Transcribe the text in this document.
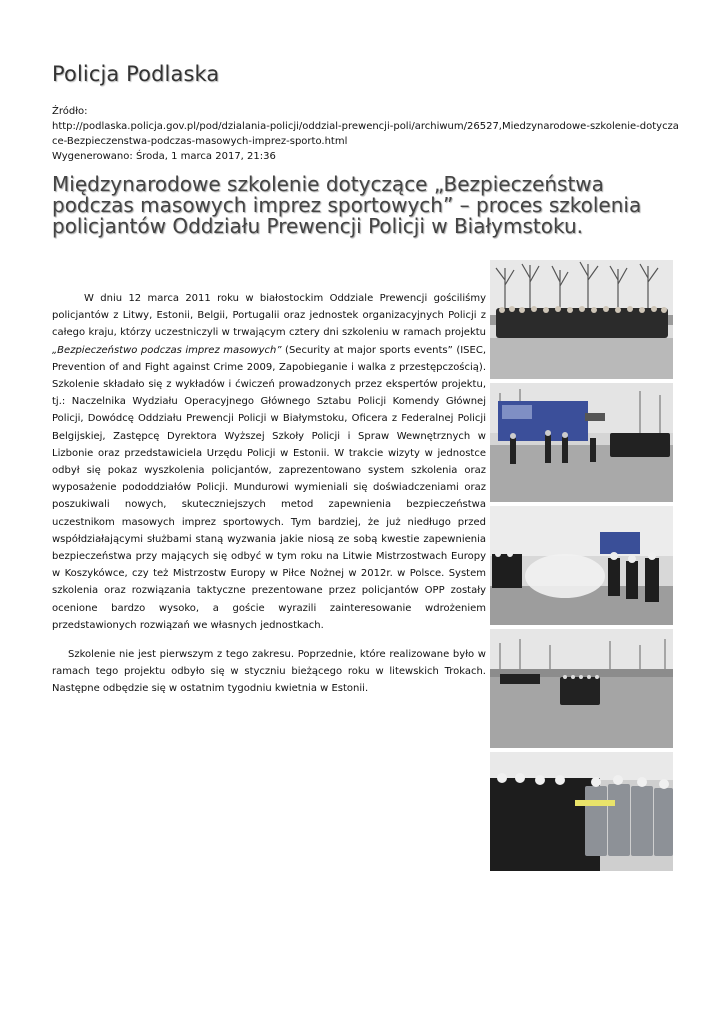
Policja Podlaska
Źródło:
http://podlaska.policja.gov.pl/pod/dzialania-policji/oddzial-prewencji-poli/archiwum/26527,Miedzynarodowe-szkolenie-dotycza
ce-Bezpieczenstwa-podczas-masowych-imprez-sporto.html
Wygenerowano: Środa, 1 marca 2017, 21:36
Międzynarodowe szkolenie dotyczące „Bezpieczeństwa podczas masowych imprez sportowych” – proces szkolenia policjantów Oddziału Prewencji Policji w Białymstoku.

W dniu 12 marca 2011 roku w białostockim Oddziale Prewencji gościliśmy policjantów z Litwy, Estonii, Belgii, Portugalii oraz jednostek organizacyjnych Policji z całego kraju, którzy uczestniczyli w trwającym cztery dni szkoleniu w ramach projektu „Bezpieczeństwo podczas imprez masowych” (Security at major sports events” (ISEC, Prevention of and Fight against Crime 2009, Zapobieganie i walka z przestępczością). Szkolenie składało się z wykładów i ćwiczeń prowadzonych przez ekspertów projektu, tj.: Naczelnika Wydziału Operacyjnego Głównego Sztabu Policji Komendy Głównej Policji, Dowódcę Oddziału Prewencji Policji w Białymstoku, Oficera z Federalnej Policji Belgijskiej, Zastępcę Dyrektora Wyższej Szkoły Policji i Spraw Wewnętrznych w Lizbonie oraz przedstawiciela Urzędu Policji w Estonii. W trakcie wizyty w jednostce odbył się pokaz wyszkolenia policjantów, zaprezentowano system szkolenia oraz wyposażenie pododdziałów Policji. Mundurowi wymieniali się doświadczeniami oraz poszukiwali nowych, skuteczniejszych metod zapewnienia bezpieczeństwa uczestnikom masowych imprez sportowych. Tym bardziej, że już niedługo przed współdziałającymi służbami staną wyzwania jakie niosą ze sobą kwestie zapewnienia bezpieczeństwa przy mających się odbyć w tym roku na Litwie Mistrzostwach Europy w Koszykówce, czy też Mistrzostw Europy w Piłce Nożnej w 2012r. w Polsce. System szkolenia oraz rozwiązania taktyczne prezentowane przez policjantów OPP zostały ocenione bardzo wysoko, a goście wyrazili zainteresowanie wdrożeniem przedstawionych rozwiązań we własnych jednostkach.

Szkolenie nie jest pierwszym z tego zakresu. Poprzednie, które realizowane było w ramach tego projektu odbyło się w styczniu bieżącego roku w litewskich Trokach. Następne odbędzie się w ostatnim tygodniu kwietnia w Estonii.
